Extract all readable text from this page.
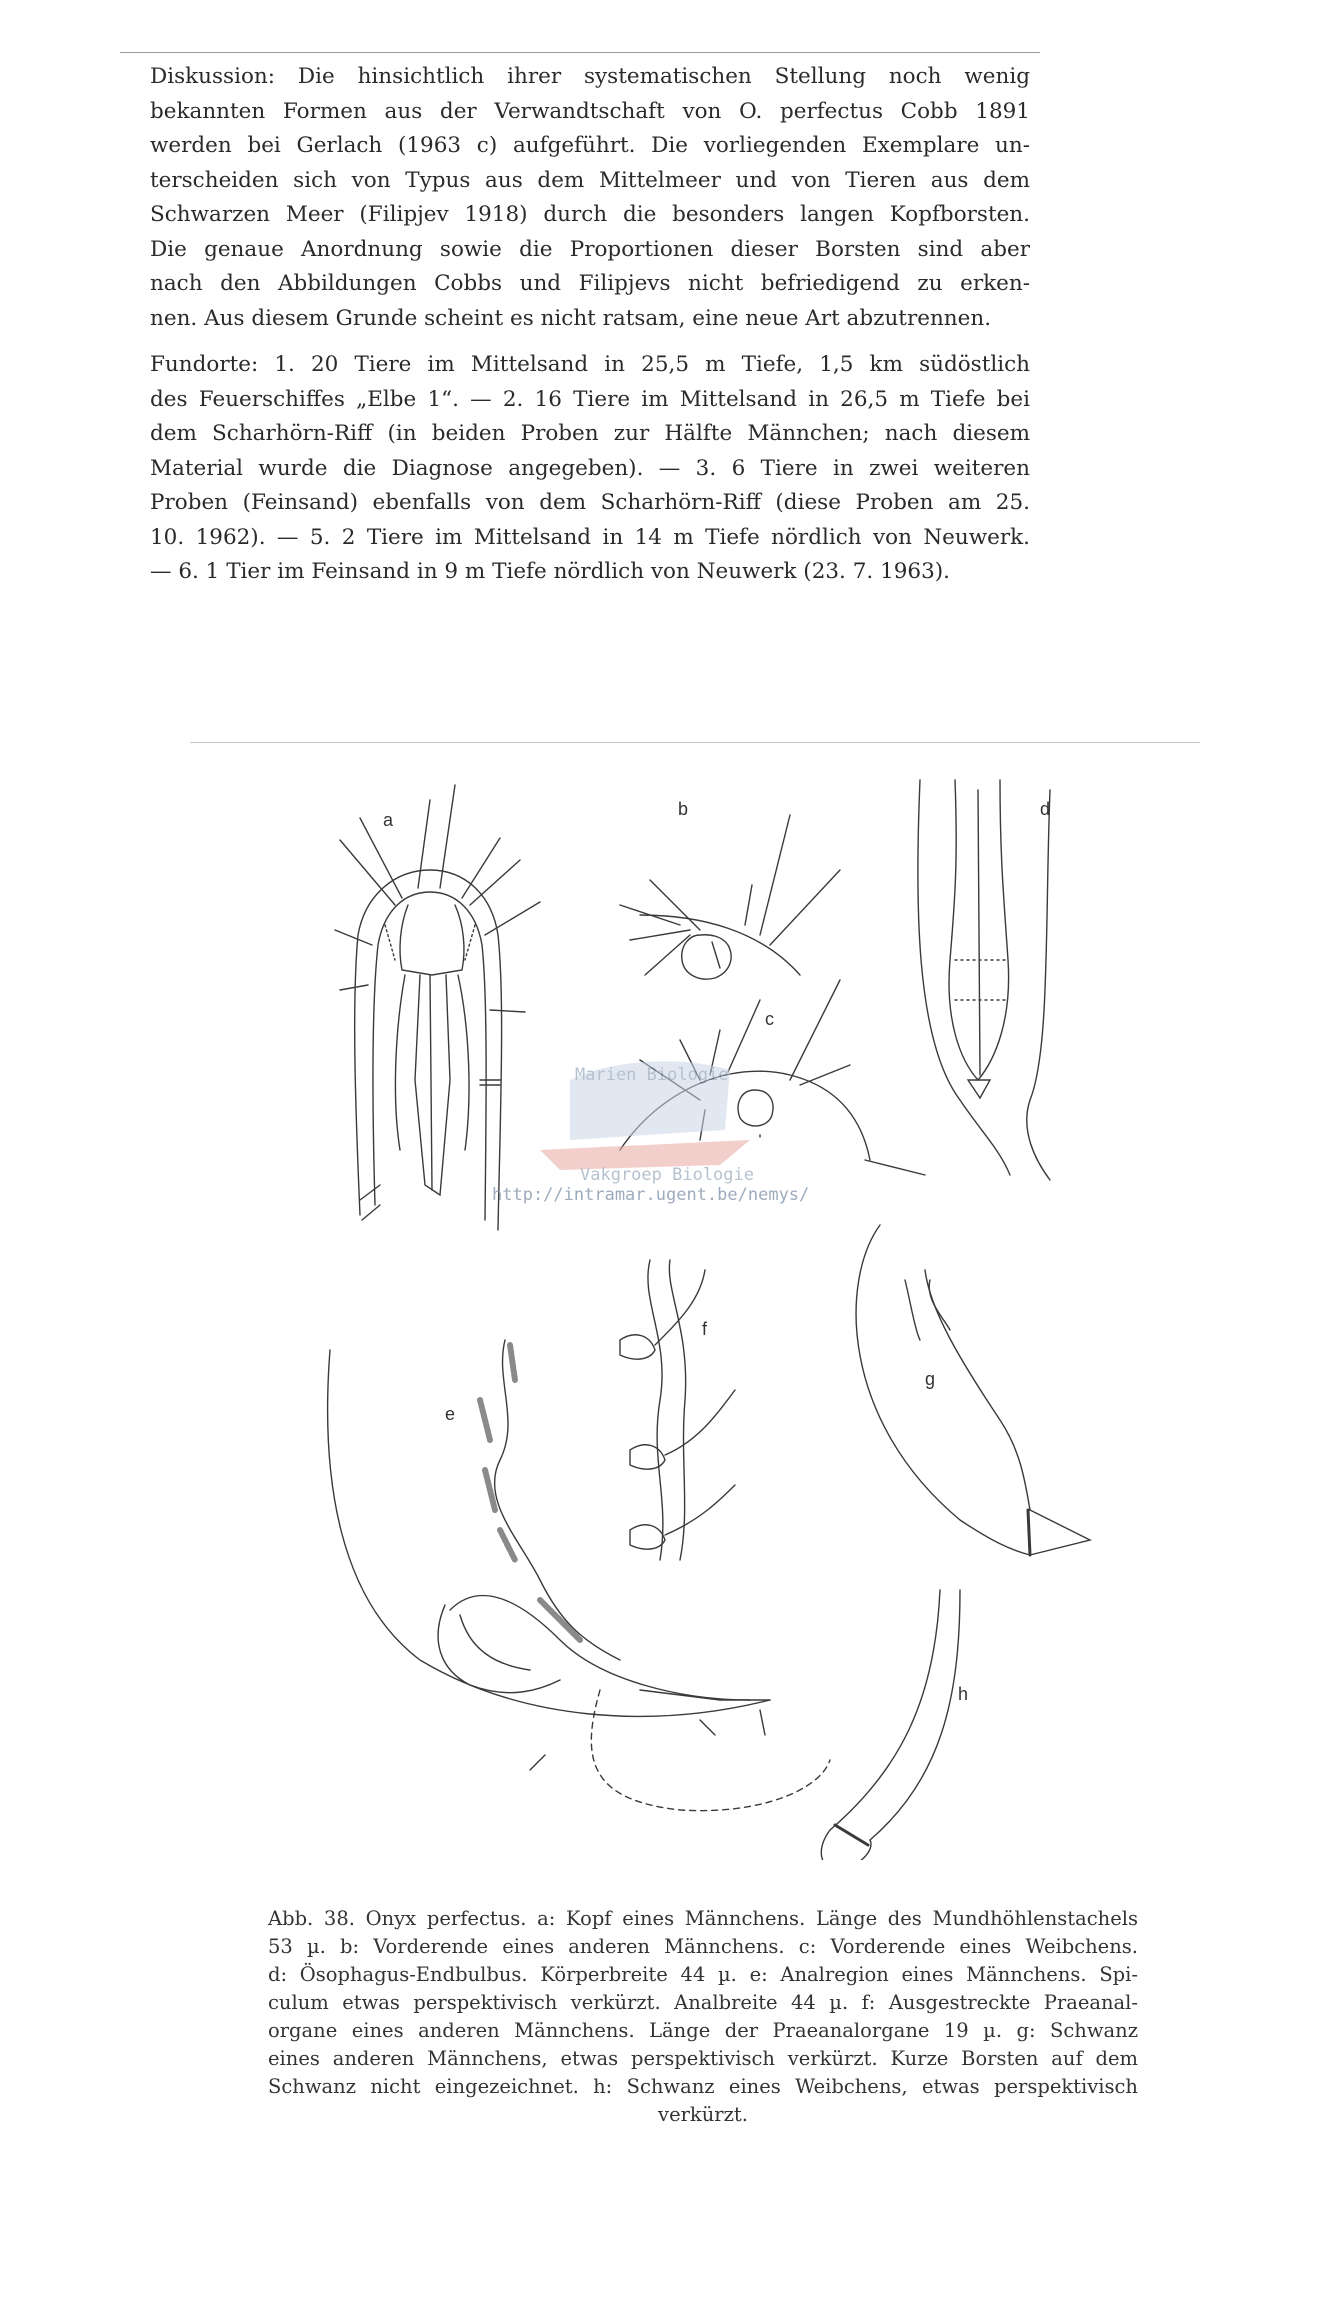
Diskussion: Die hinsichtlich ihrer systematischen Stellung noch wenig
bekannten Formen aus der Verwandtschaft von O. perfectus Cobb 1891
werden bei Gerlach (1963 c) aufgeführt. Die vorliegenden Exemplare un-
terscheiden sich von Typus aus dem Mittelmeer und von Tieren aus dem
Schwarzen Meer (Filipjev 1918) durch die besonders langen Kopfborsten.
Die genaue Anordnung sowie die Proportionen dieser Borsten sind aber
nach den Abbildungen Cobbs und Filipjevs nicht befriedigend zu erken-
nen. Aus diesem Grunde scheint es nicht ratsam, eine neue Art abzutrennen.
Fundorte: 1. 20 Tiere im Mittelsand in 25,5 m Tiefe, 1,5 km südöstlich
des Feuerschiffes „Elbe 1“. — 2. 16 Tiere im Mittelsand in 26,5 m Tiefe bei
dem Scharhörn-Riff (in beiden Proben zur Hälfte Männchen; nach diesem
Material wurde die Diagnose angegeben). — 3. 6 Tiere in zwei weiteren
Proben (Feinsand) ebenfalls von dem Scharhörn-Riff (diese Proben am 25.
10. 1962). — 5. 2 Tiere im Mittelsand in 14 m Tiefe nördlich von Neuwerk.
— 6. 1 Tier im Feinsand in 9 m Tiefe nördlich von Neuwerk (23. 7. 1963).
a
b
c
d
e
f
g
h
Marien Biologie
Vakgroep Biologie
http://intramar.ugent.be/nemys/
Abb. 38. Onyx perfectus. a: Kopf eines Männchens. Länge des Mundhöhlenstachels
53 µ. b: Vorderende eines anderen Männchens. c: Vorderende eines Weibchens.
d: Ösophagus-Endbulbus. Körperbreite 44 µ. e: Analregion eines Männchens. Spi-
culum etwas perspektivisch verkürzt. Analbreite 44 µ. f: Ausgestreckte Praeanal-
organe eines anderen Männchens. Länge der Praeanalorgane 19 µ. g: Schwanz
eines anderen Männchens, etwas perspektivisch verkürzt. Kurze Borsten auf dem
Schwanz nicht eingezeichnet. h: Schwanz eines Weibchens, etwas perspektivisch
verkürzt.
